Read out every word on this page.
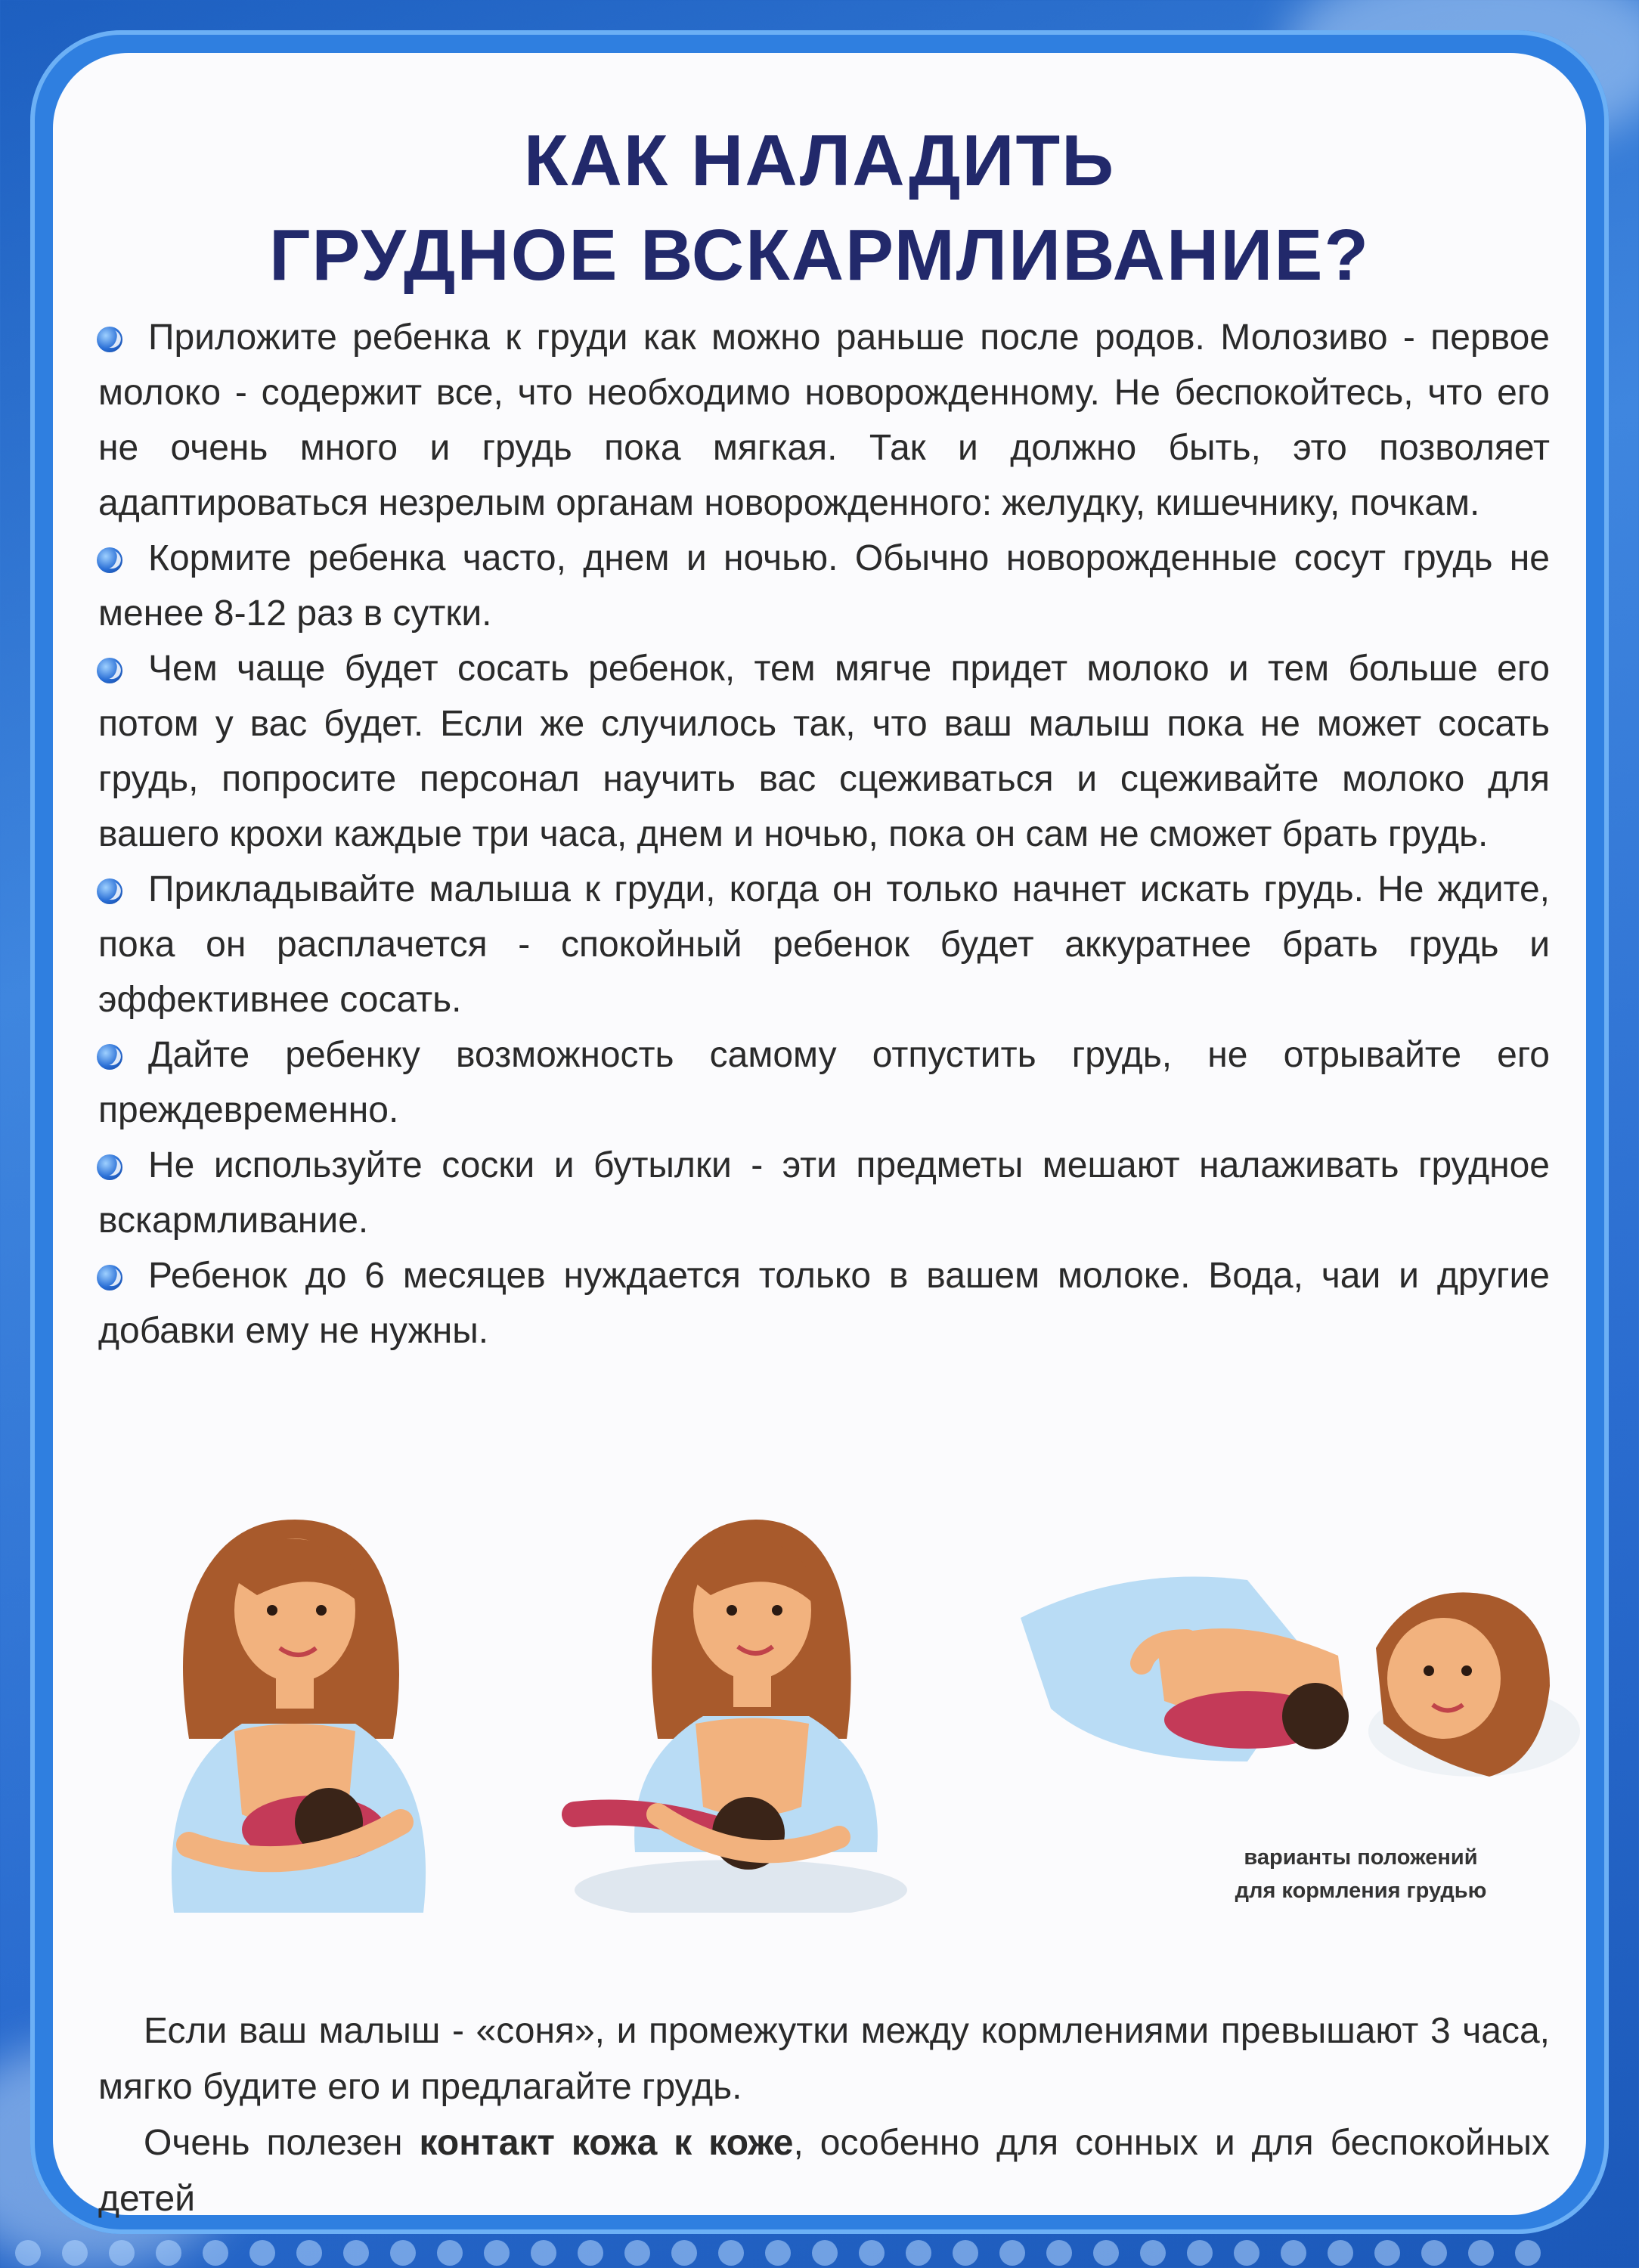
КАК НАЛАДИТЬ
ГРУДНОЕ ВСКАРМЛИВАНИЕ?
Приложите ребенка к груди как можно раньше после родов. Молозиво - первое молоко - содержит все, что необходимо новорожденному. Не беспокойтесь, что его не очень много и грудь пока мягкая. Так и должно быть, это позволяет адаптироваться незрелым органам новорожденного: желудку, кишечнику, почкам.
Кормите ребенка часто, днем и ночью. Обычно новорожденные сосут грудь не менее 8-12 раз в сутки.
Чем чаще будет сосать ребенок, тем мягче придет молоко и тем больше его потом у вас будет. Если же случилось так, что ваш малыш пока не может сосать грудь, попросите персонал научить вас сцеживаться и сцеживайте молоко для вашего крохи каждые три часа, днем и ночью, пока он сам не сможет брать грудь.
Прикладывайте малыша к груди, когда он только начнет искать грудь. Не ждите, пока он расплачется - спокойный ребенок будет аккуратнее брать грудь и эффективнее сосать.
Дайте ребенку возможность самому отпустить грудь, не отрывайте его преждевременно.
Не используйте соски и бутылки - эти предметы мешают налаживать грудное вскармливание.
Ребенок до 6 месяцев нуждается только в вашем молоке. Вода, чаи и другие добавки ему не нужны.
варианты положений
для кормления грудью

Если ваш малыш - «соня», и промежутки между кормлениями превышают 3 часа, мягко будите его и предлагайте грудь.

Очень полезен контакт кожа к коже, особенно для сонных и для беспокойных детей
